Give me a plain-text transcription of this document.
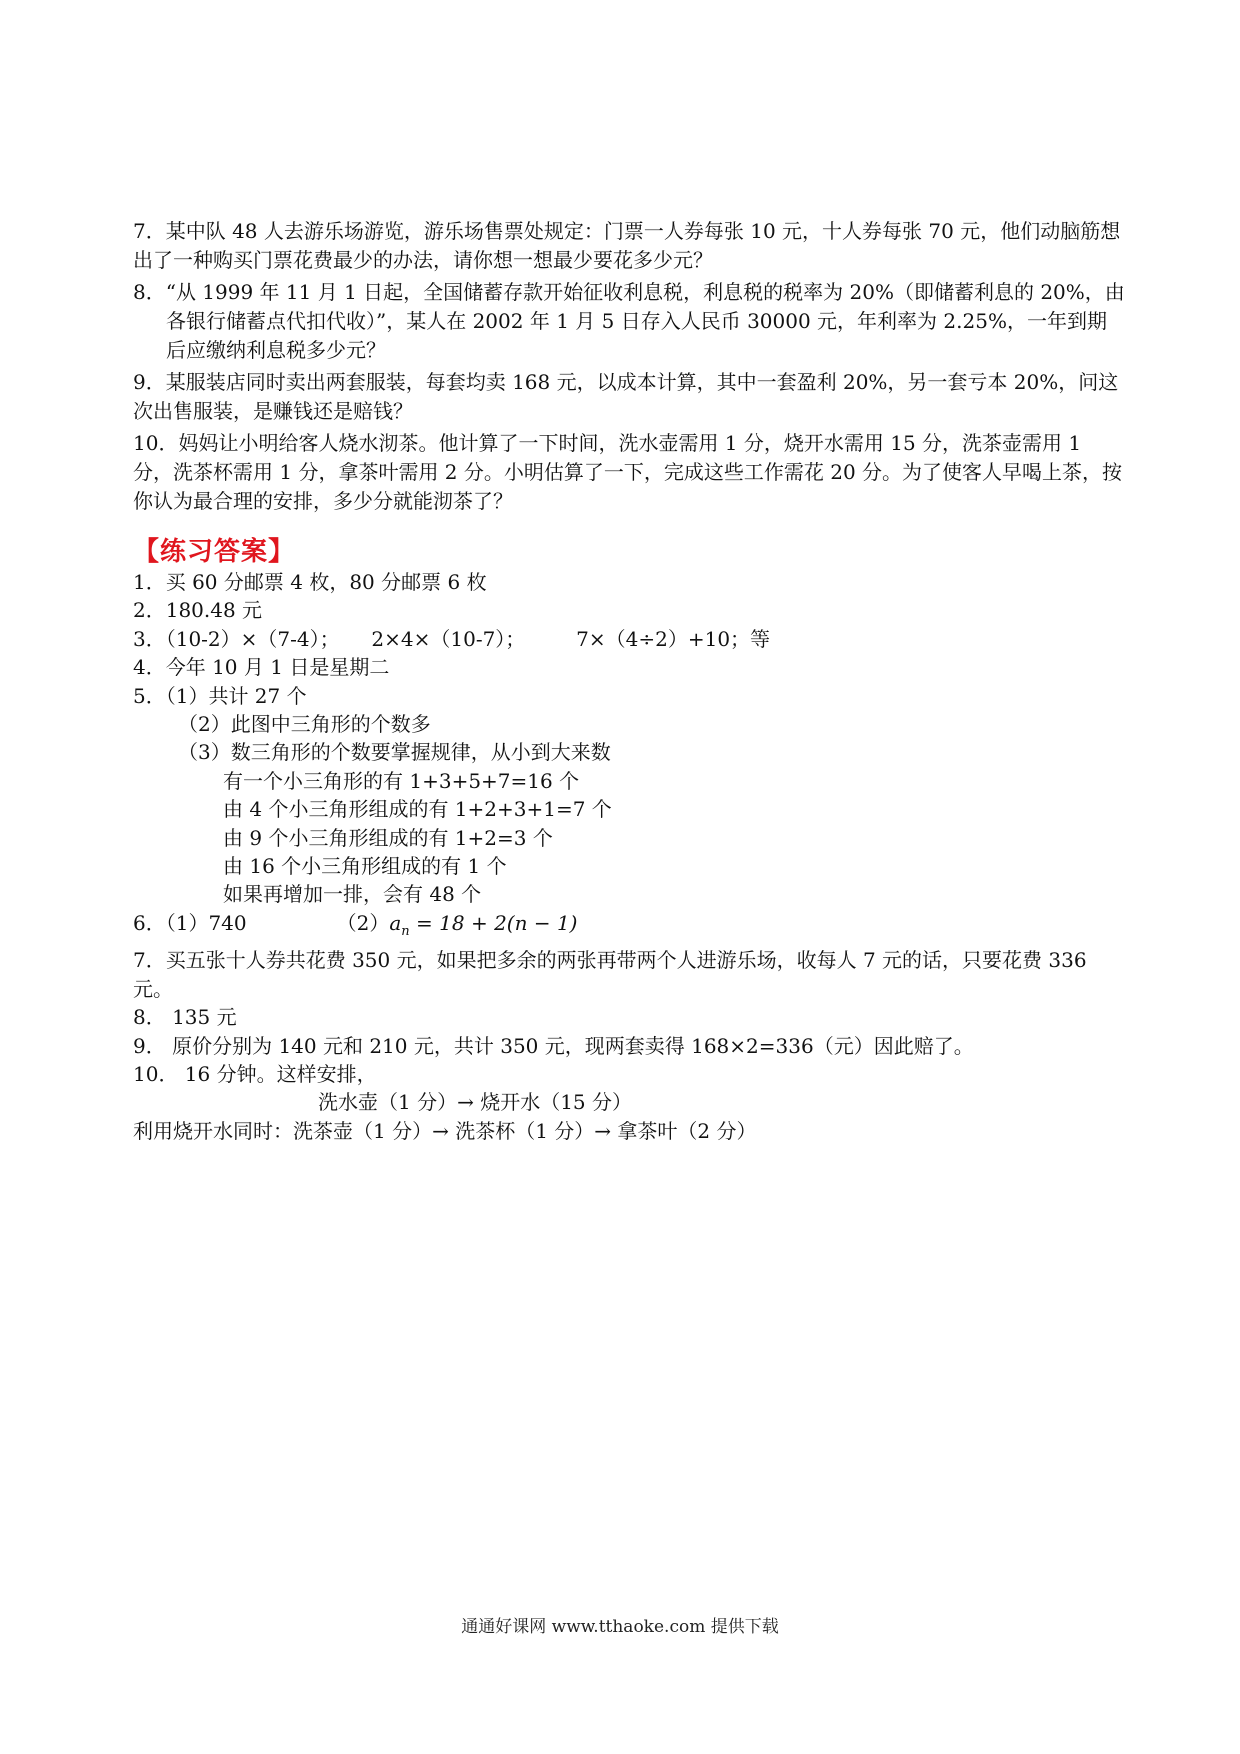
7．某中队 48 人去游乐场游览，游乐场售票处规定：门票一人券每张 10 元，十人券每张 70 元，他们动脑筋想出了一种购买门票花费最少的办法，请你想一想最少要花多少元？

8．“从 1999 年 11 月 1 日起，全国储蓄存款开始征收利息税，利息税的税率为 20%（即储蓄利息的 20%，由各银行储蓄点代扣代收）”，某人在 2002 年 1 月 5 日存入人民币 30000 元，年利率为 2.25%，一年到期后应缴纳利息税多少元？

9．某服装店同时卖出两套服装，每套均卖 168 元，以成本计算，其中一套盈利 20%，另一套亏本 20%，问这次出售服装，是赚钱还是赔钱？

10．妈妈让小明给客人烧水沏茶。他计算了一下时间，洗水壶需用 1 分，烧开水需用 15 分，洗茶壶需用 1 分，洗茶杯需用 1 分，拿茶叶需用 2 分。小明估算了一下，完成这些工作需花 20 分。为了使客人早喝上茶，按你认为最合理的安排，多少分就能沏茶了？

【练习答案】

1．买 60 分邮票 4 枚，80 分邮票 6 枚

2．180.48 元

3．（10-2）×（7-4）；     2×4×（10-7）；        7×（4÷2）+10；等

4．今年 10 月 1 日是星期二

5．（1）共计 27 个

（2）此图中三角形的个数多

（3）数三角形的个数要掌握规律，从小到大来数

有一个小三角形的有 1+3+5+7=16 个

由 4 个小三角形组成的有 1+2+3+1=7 个

由 9 个小三角形组成的有 1+2=3 个

由 16 个小三角形组成的有 1 个

如果再增加一排，会有 48 个

6．（1）740	$(2)a_n = 18 + 2(n - 1)$

7．买五张十人券共花费 350 元，如果把多余的两张再带两个人进游乐场，收每人 7 元的话，只要花费 336 元。

8． 135 元

9． 原价分别为 140 元和 210 元，共计 350 元，现两套卖得 168×2=336（元）因此赔了。

10． 16 分钟。这样安排，

洗水壶（1 分）→ 烧开水（15 分）

利用烧开水同时：洗茶壶（1 分）→ 洗茶杯（1 分）→ 拿茶叶（2 分）

通通好课网 www.tthaoke.com 提供下载
